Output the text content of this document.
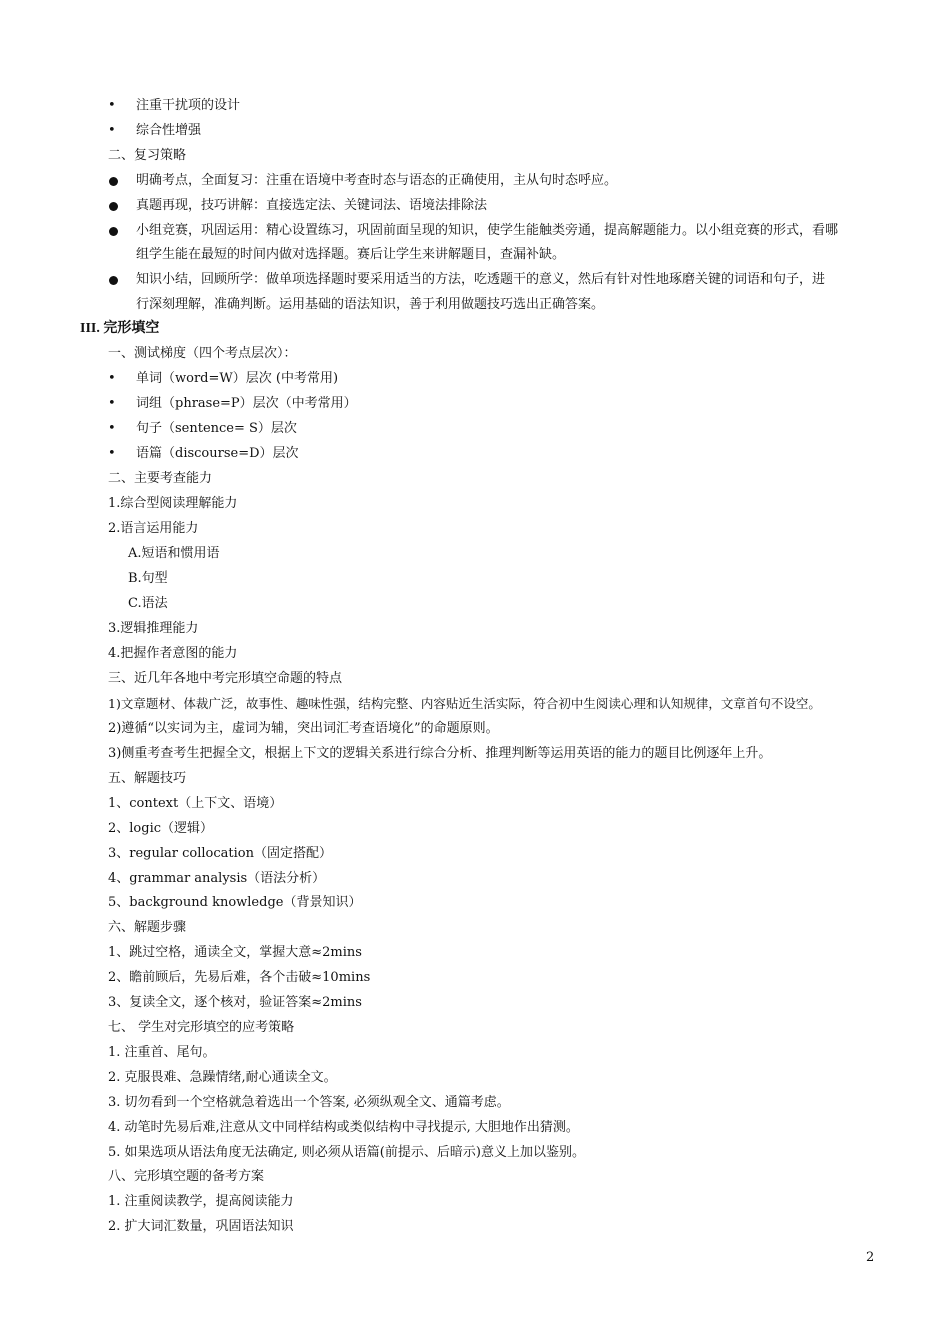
• 注重干扰项的设计
• 综合性增强
二、复习策略
明确考点，全面复习：注重在语境中考查时态与语态的正确使用，主从句时态呼应。
真题再现，技巧讲解：直接选定法、关键词法、语境法排除法
小组竞赛，巩固运用：精心设置练习，巩固前面呈现的知识，使学生能触类旁通，提高解题能力。以小组竞赛的形式，看哪
组学生能在最短的时间内做对选择题。赛后让学生来讲解题目，查漏补缺。
知识小结，回顾所学：做单项选择题时要采用适当的方法，吃透题干的意义，然后有针对性地琢磨关键的词语和句子，进
行深刻理解，准确判断。运用基础的语法知识，善于利用做题技巧选出正确答案。
III. 完形填空
一、测试梯度（四个考点层次）：
• 单词（word=W）层次 (中考常用)
• 词组（phrase=P）层次（中考常用）
• 句子（sentence= S）层次
• 语篇（discourse=D）层次
二、主要考查能力
1.综合型阅读理解能力
2.语言运用能力
A.短语和惯用语
B.句型
C.语法
3.逻辑推理能力
4.把握作者意图的能力
三、近几年各地中考完形填空命题的特点
1)文章题材、体裁广泛，故事性、趣味性强，结构完整、内容贴近生活实际，符合初中生阅读心理和认知规律，文章首句不设空。
2)遵循“以实词为主，虚词为辅，突出词汇考查语境化”的命题原则。
3)侧重考查考生把握全文，根据上下文的逻辑关系进行综合分析、推理判断等运用英语的能力的题目比例逐年上升。
五、解题技巧
1、context（上下文、语境）
2、logic（逻辑）
3、regular collocation（固定搭配）
4、grammar analysis（语法分析）
5、background knowledge（背景知识）
六、解题步骤
1、跳过空格，通读全文，掌握大意≈2mins
2、瞻前顾后，先易后难，各个击破≈10mins
3、复读全文，逐个核对，验证答案≈2mins
七、 学生对完形填空的应考策略
1. 注重首、尾句。
2. 克服畏难、急躁情绪,耐心通读全文。
3. 切勿看到一个空格就急着选出一个答案, 必须纵观全文、通篇考虑。
4. 动笔时先易后难,注意从文中同样结构或类似结构中寻找提示, 大胆地作出猜测。
5. 如果选项从语法角度无法确定, 则必须从语篇(前提示、后暗示)意义上加以鉴别。
八、完形填空题的备考方案
1. 注重阅读教学，提高阅读能力
2. 扩大词汇数量，巩固语法知识
2
